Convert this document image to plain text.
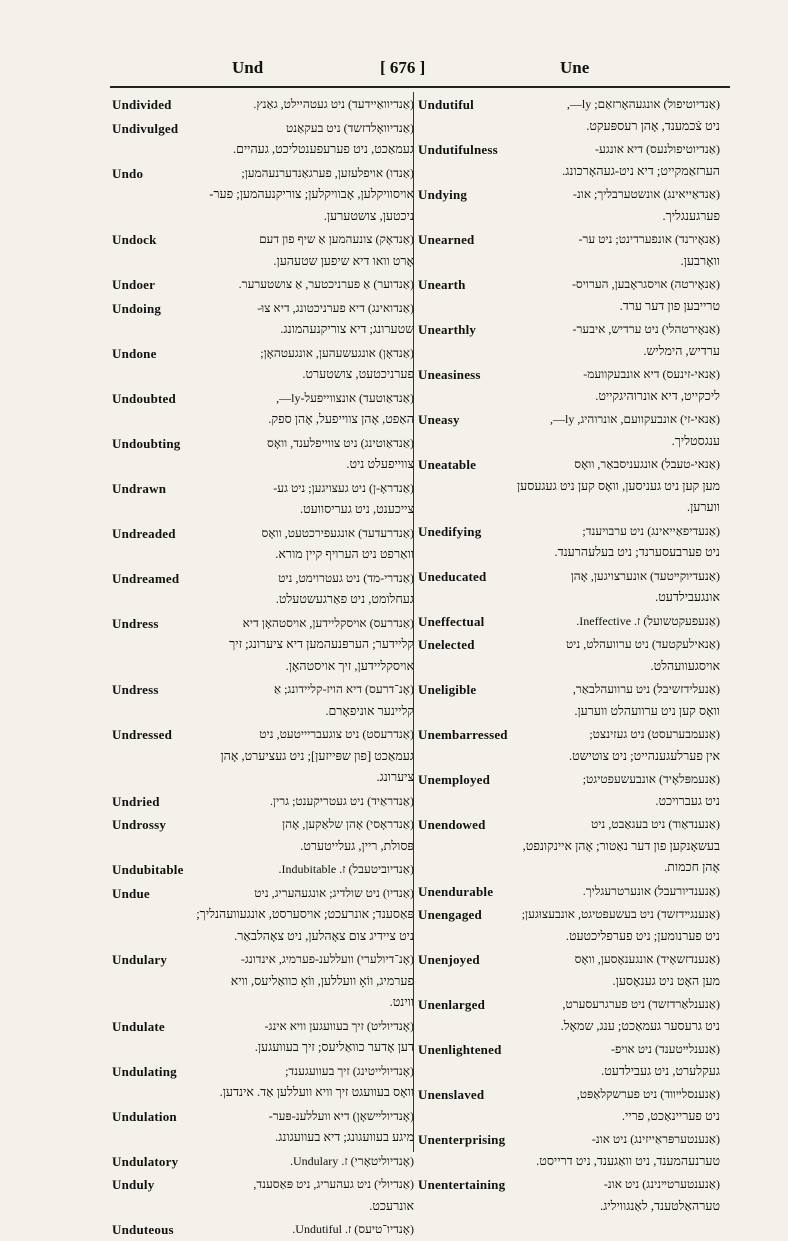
Und	[ 676 ]	Une
Undivided	(אַנדיוואַיידעד) ניט געטהיילט, גאַנץ.
Undivulged	(אַנדיוואָלדזשד) ניט בעקאַנט
געמאַכט, ניט פערעפענטליכט, געהיים.
Undo	(אַנדו) אויפלעזען, פערגאַנדערנעהמען;
אויסוויקלען, אָבוויקלען; צוריקנעהמען; פער-
ניכטען, צושטערען.
Undock	(אַנדאָק) צונעהמען אַ שיף פון דעם
אָרט וואו דיא שיפען שטעהען.
Undoer	(אַנדוער) אַ פערניכטער, אַ צושטערער.
Undoing	(אַנדואינג) דיא פערניכטונג, דיא צוּ-
שטערונג; דיא צוריקנעהמונג.
Undone	(אַנדאָן) אונגעשעהען, אונגעטהאָן;
פערניכטעט, צושטערט.
Undoubted	(אַנדאַוטעד) אונצווייפעל-ly—,
האַפט, אָהן צווייפעל, אָהן ספק.
Undoubting	(אַנדאַוטינג) ניט צווייפלענד, וואָס
צווייפעלט ניט.
Undrawn	(אַנדראָ-ן) ניט געצויגען; ניט גע-
צייכענט, ניט געריסוועט.
Undreaded	(אַנדרעדעד) אונגעפירכטעט, וואָס
וואַרפט ניט הערויף קיין מורא.
Undreamed	(אַנדרי-מד) ניט געטרוימט, ניט
געחלומט, ניט פאַרגעשטעלט.
Undress	(אַנדרעס) אויסקליידען, אויסטהאָן דיא
קליידער; הערפּנעהמען דיא ציערונג; זיך
אויסקליידען, זיך אויסטהאָן.
Undress	(אָנ־דרעס) דיא הויז-קליידונג; אַ
קליינער אוניפאָרם.
Undressed	(אַנדרעסט) ניט צוגעבריייטעט, ניט
געמאַכט [פון שפּייזען]; ניט געציערט, אָהן
ציערונג.
Undried	(אַנדראַיד) ניט געטריקענט; גרין.
Undrossy	(אַנדראָסי) אָהן שלאַקען, אָהן
פּסולת, ריין, געלייטערט.
Undubitable	(אַנדיוביטעבל) ז. Indubitable.
Undue	(אַנדיו) ניט שולדיג; אונגעהעריג, ניט
פּאַסענד; אונרעכט; אויסערסט, אונגעוועהנליך;
ניט ציידיג צום צאָהלען, ניט צאָהלבאַר.
Undulary	(אָנ־דיולערי) וועללענ-פערמיג, אינדונג-
פערמיג, ווֹאָ וועללען, ווֹאָ כוואַליעס, וויא
ווינט.
Undulate	(אָנדיוליט) זיך בעוועגען וויא אינג-
דען אָדער כוואַליעס; זיך בעוועגען.
Undulating	(אָנדיולייטינג) זיך בעוועגענד;
וואָס בעוועגט זיך וויא וועללען אַד. אינדען.
Undulation	(אָנדיולײשאָן) דיא וועללענ-פּער-
מיגע בעוועגונג; דיא בעוועגונג.
Undulatory	(אָנדיוליטאָרי) ז. Undulary.
Unduly	(אַנדיולי) ניט געהעריג, ניט פּאַסענד,
אונרעכט.
Unduteous	(אָנדיו־טיעס) ז. Undutiful.
Undutiful	(אַנדיוטיפול) אונגעהאָרזאַם; ly—,
ניט צֿכמענד, אָהן רעספּעקט.
Undutifulness	(אַנדיוטיפולנעס) דיא אונגע-
הערזאַמקייט; דיא ניט-געהאָרכונג.
Undying	(אַנדאַייאינג) אונשטערבליך; אונ-
פערגענגליך.
Unearned	(אַנאָירנד) אונפערדינט; ניט ער-
וואָרבען.
Unearth	(אַנאָירטה) אויסגראָבען, הערויס-
טרייבען פון דער ערד.
Unearthly	(אַנאָירטהלי) ניט ערדיש, איבער-
ערדיש, הימליש.
Uneasiness	(אַנאי-זינעס) דיא אונבעקוועמ-
ליכקייט, דיא אונרוהיגקייט.
Uneasy	(אַנאי-זי) אונבעקוועם, אונרוהיג, ly—,
ענגסטליך.
Uneatable	(אַנאי-טעבל) אונגעניסבאַר, וואָס
מען קען ניט געניסען, וואָס קען ניט געגעסען
ווערען.
Unedifying	(אַנעדיפאַייאינג) ניט ערבויענד;
ניט פערבעסערנד; ניט בעלעהרענד.
Uneducated	(אַנעדיוקײטעד) אונערצויגען, אָהן
אונגעבילדעט.
Uneffectual	(אַנעפעקטשועל) ז. Ineffective.
Unelected	(אַנאילעקטעד) ניט ערוועהלט, ניט
אויסגעוועהלט.
Uneligible	(אַנעלידזשיבל) ניט ערוועהלבאַר,
וואָס קען ניט ערוועהלט ווערען.
Unembarressed	(אַנעמבערעסט) ניט געזינצט;
אין פערלעגענהייט; ניט צוטישט.
Unemployed	(אַנעמפּלאָיד) אונבעשעפטיגט;
ניט געברויכט.
Unendowed	(אַנענדאַוד) ניט בעגאַבט, ניט
בעשאָנקען פון דער נאַטור; אָהן איינקונפט,
אָהן חכמות.
Unendurable	(אַנענדיורעבל) אונערטרעגליך.
Unengaged	(אַנענגײדזשד) ניט בעשעפטיגט, אונבעצוּגען;
ניט פערנומען; ניט פערפליכטעט.
Unenjoyed	(אַנענדזשאָיד) אונגענאָסען, וואָס
מען האָט ניט גענאָסען.
Unenlarged	(אַנענלאַרדזשד) ניט פערגרעסערט,
ניט גרעסער געמאַכט; ענג, שמאָל.
Unenlightened	(אַנענלײטענד) ניט אויפ-
געקלערט, ניט געבילדעט.
Unenslaved	(אַנענסלײװד) ניט פערשקלאַפּט,
ניט פעריינאַכט, פריי.
Unenterprising	(אַנענטערפּראַייזינג) ניט אונ-
טערנעהמענד, ניט וואַגענד, ניט דרייסט.
Unentertaining	(אַנענטערטײנינג) ניט אונ-
טערהאַלטענד, לאַנגוויליג.
